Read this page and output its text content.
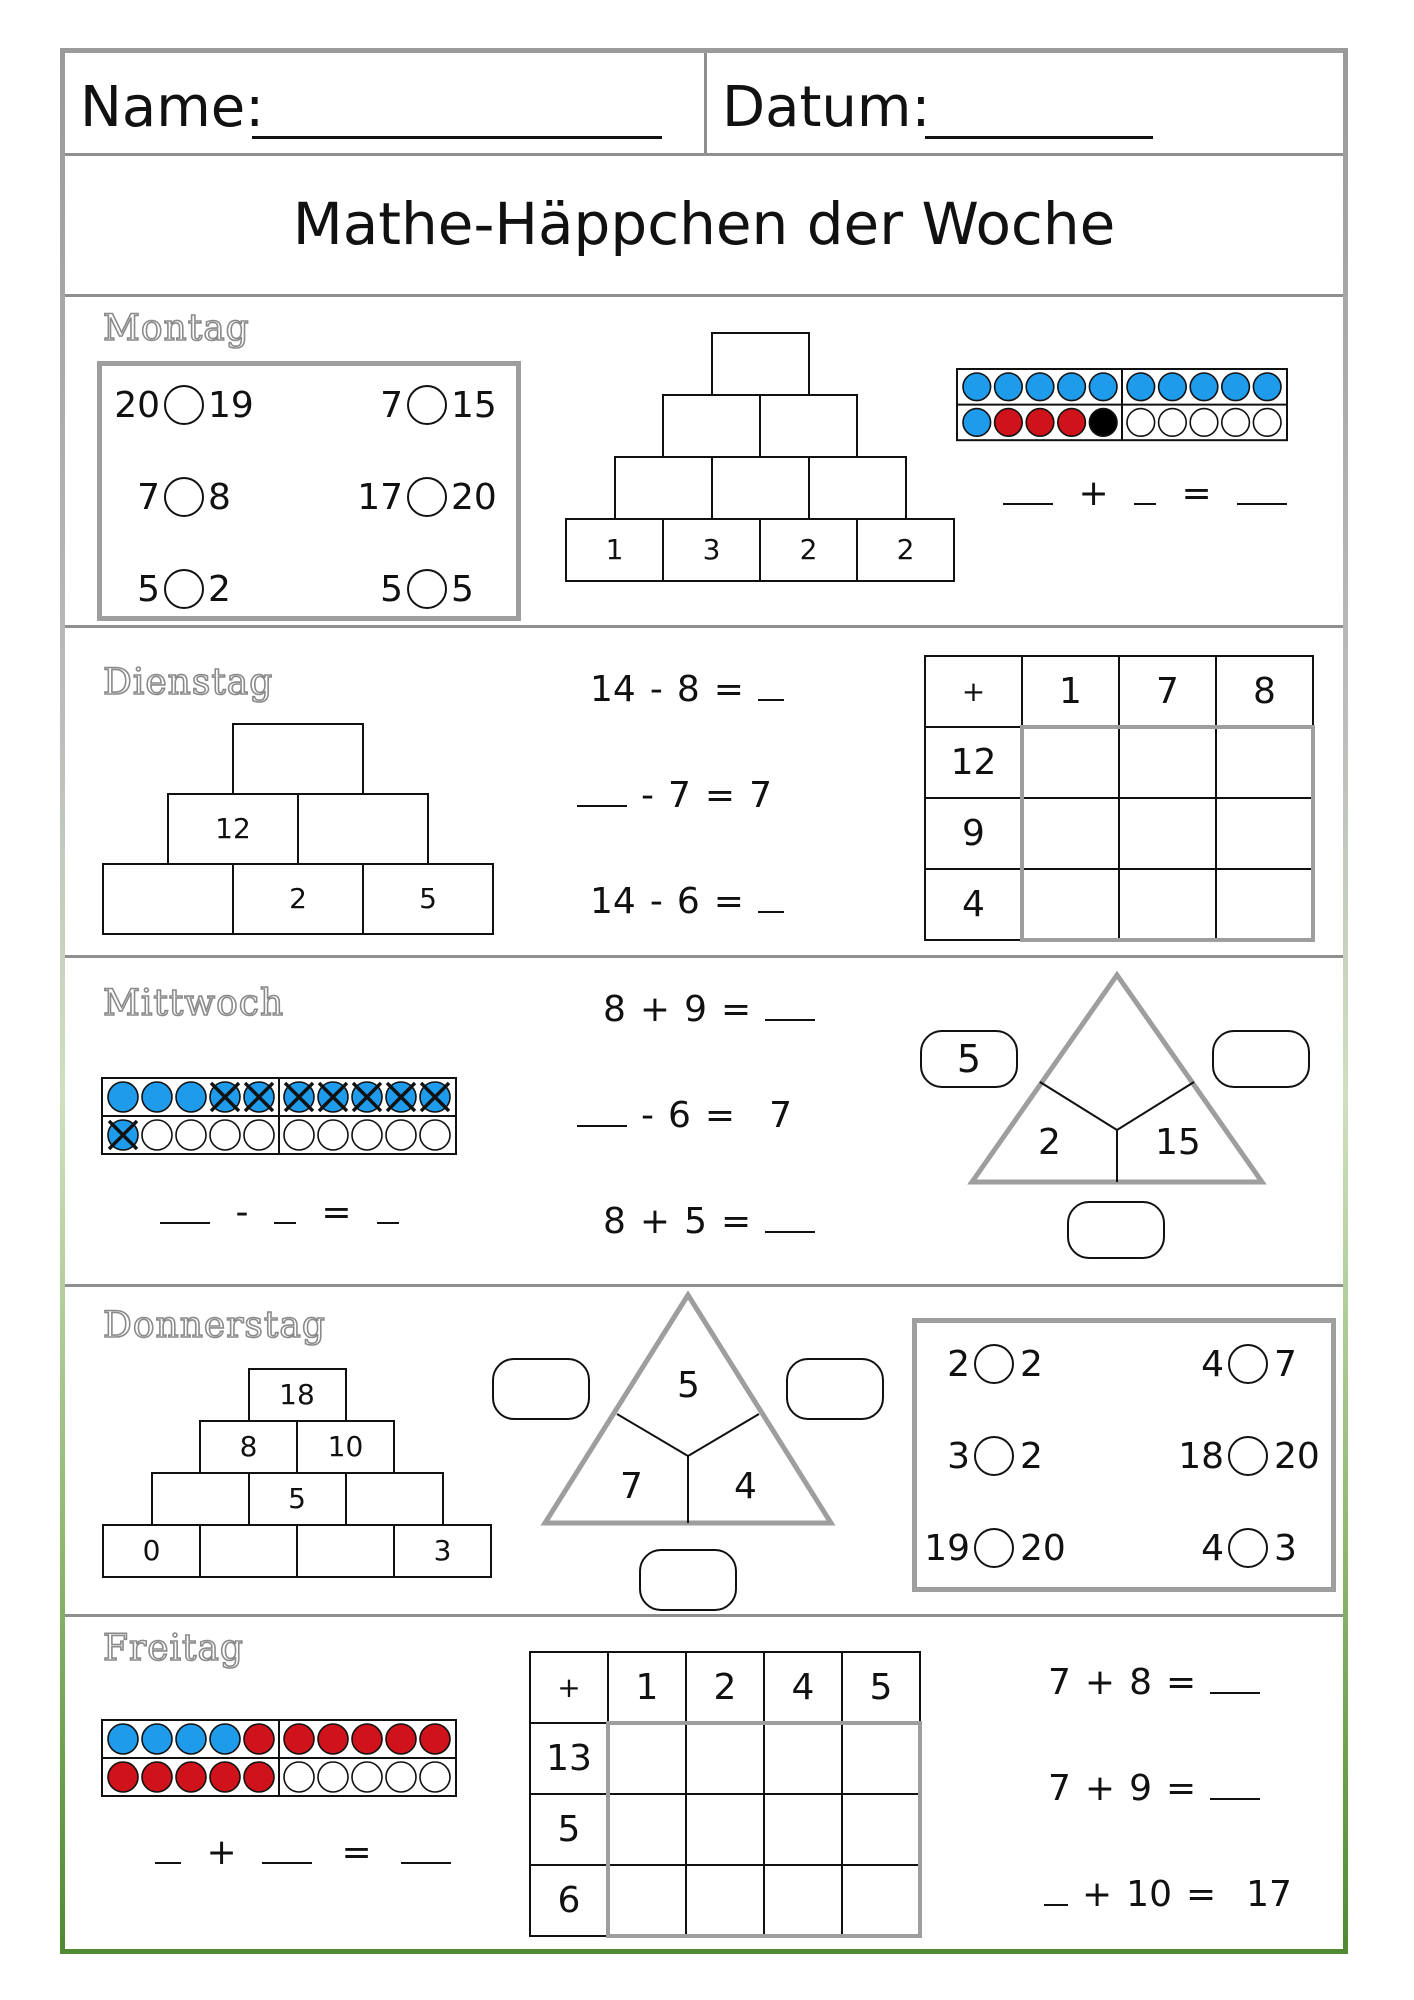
Name:	Datum:
Mathe-Häppchen der Woche
Montag
+ =
Dienstag	14 - 8 =
- 7 = 7
14 - 6 =
Mittwoch
- =
8 + 9 =
- 6 = 7
8 + 5 =
2	15
5
Donnerstag
5
7	4
Freitag
+	=
7 + 8 =
7 + 9 =
+ 10 = 17
20 19	7 15
7 8	17 20
5 2	5 5
2 2	4 7
3 2	18 20
19 20	4 3
1	3	2	2
2	5
12
0	3
5
8	10
18
+	1	7	8
12
9
4
+	1	2	4	5
13
5
6
